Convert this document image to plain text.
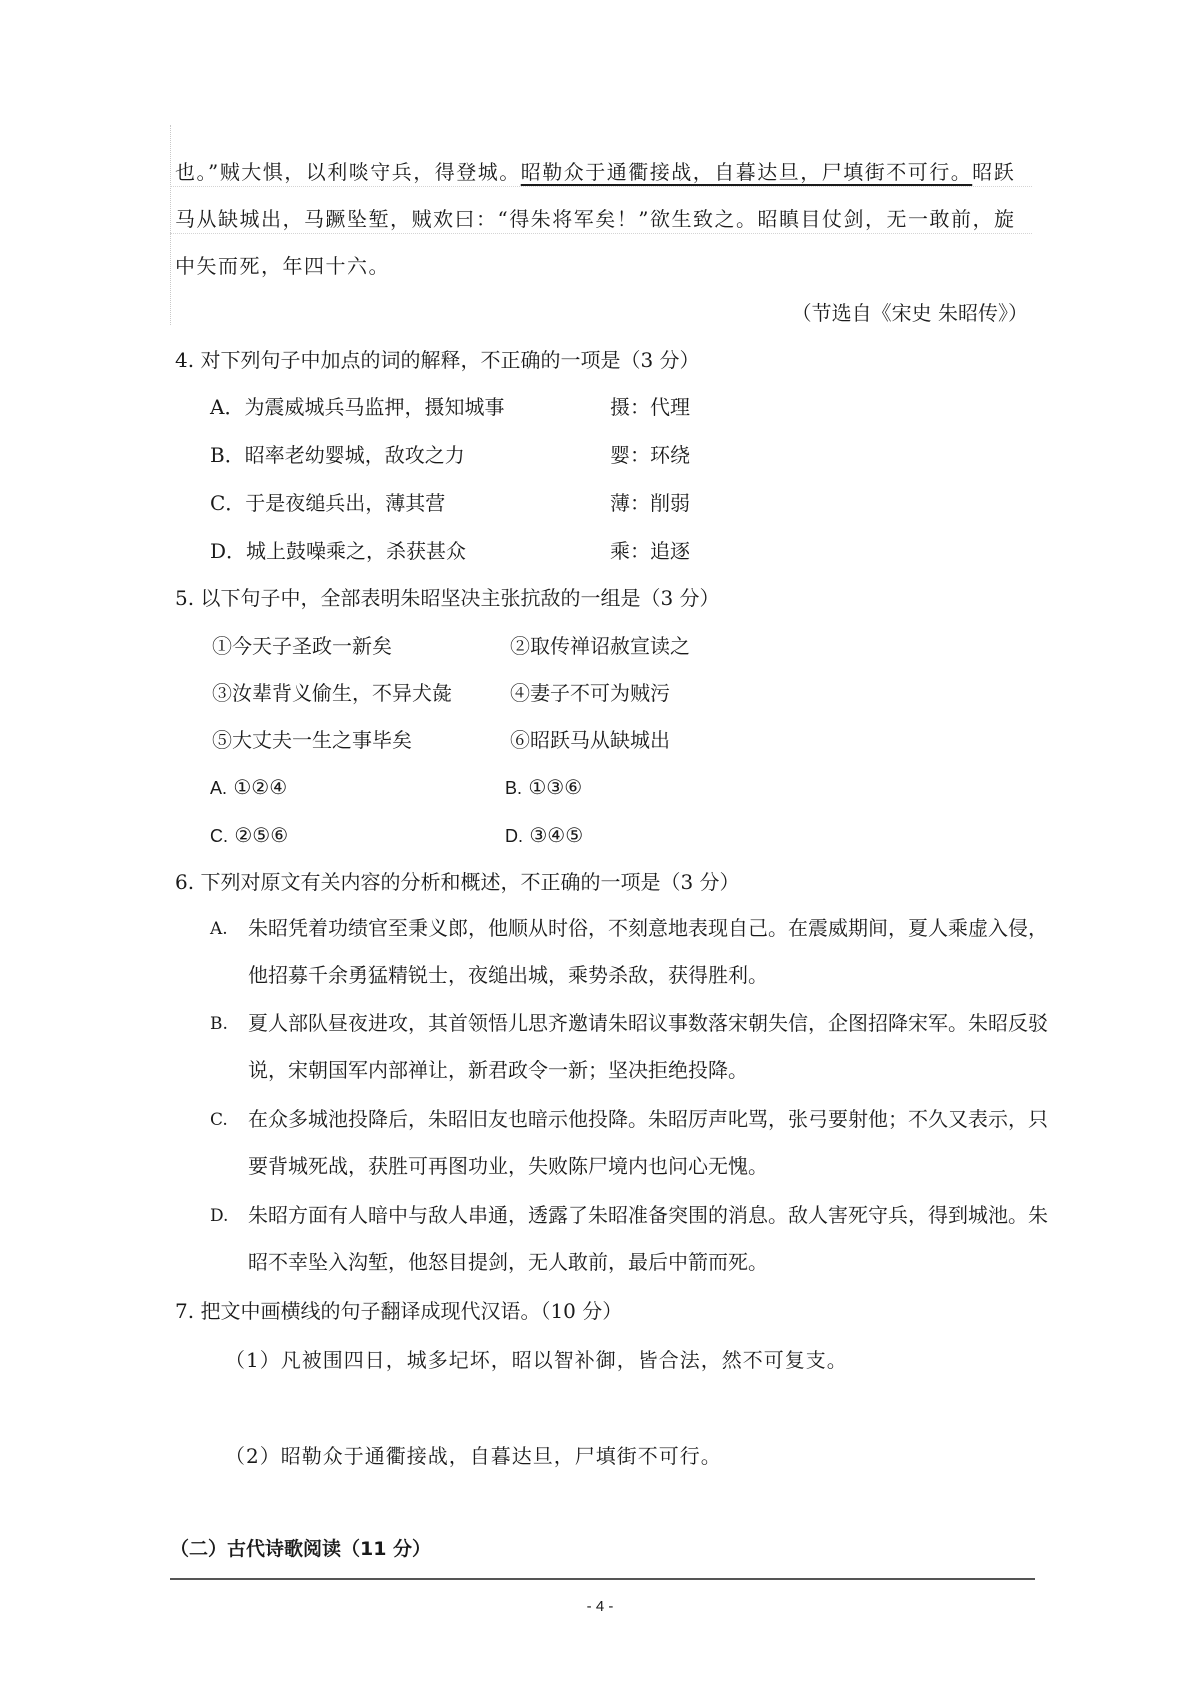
也。”贼大惧，以利啖守兵，得登城。昭勒众于通衢接战，自暮达旦，尸填街不可行。昭跃
马从缺城出，马蹶坠堑，贼欢曰：“得朱将军矣！”欲生致之。昭瞋目仗剑，无一敢前，旋
中矢而死，年四十六。
（节选自《宋史 朱昭传》）
4. 对下列句子中加点的词的解释，不正确的一项是（3 分）
A．为震威城兵马监押，摄知城事	摄：代理
B．昭率老幼婴城，敌攻之力	婴：环绕
C．于是夜缒兵出，薄其营	薄：削弱
D．城上鼓噪乘之，杀获甚众	乘：追逐
5. 以下句子中，全部表明朱昭坚决主张抗敌的一组是（3 分）
①今天子圣政一新矣	②取传禅诏赦宣读之
③汝辈背义偷生，不异犬彘	④妻子不可为贼污
⑤大丈夫一生之事毕矣	⑥昭跃马从缺城出
A. ①②④	B. ①③⑥
C. ②⑤⑥	D. ③④⑤
6. 下列对原文有关内容的分析和概述，不正确的一项是（3 分）
A. 朱昭凭着功绩官至秉义郎，他顺从时俗，不刻意地表现自己。在震威期间，夏人乘虚入侵，他招募千余勇猛精锐士，夜缒出城，乘势杀敌，获得胜利。
B. 夏人部队昼夜进攻，其首领悟儿思齐邀请朱昭议事数落宋朝失信，企图招降宋军。朱昭反驳说，宋朝国军内部禅让，新君政令一新；坚决拒绝投降。
C. 在众多城池投降后，朱昭旧友也暗示他投降。朱昭厉声叱骂，张弓要射他；不久又表示，只要背城死战，获胜可再图功业，失败陈尸境内也问心无愧。
D. 朱昭方面有人暗中与敌人串通，透露了朱昭准备突围的消息。敌人害死守兵，得到城池。朱昭不幸坠入沟堑，他怒目提剑，无人敢前，最后中箭而死。
7. 把文中画横线的句子翻译成现代汉语。（10 分）
（1）凡被围四日，城多圮坏，昭以智补御，皆合法，然不可复支。
（2）昭勒众于通衢接战，自暮达旦，尸填街不可行。
（二）古代诗歌阅读（11 分）
- 4 -
